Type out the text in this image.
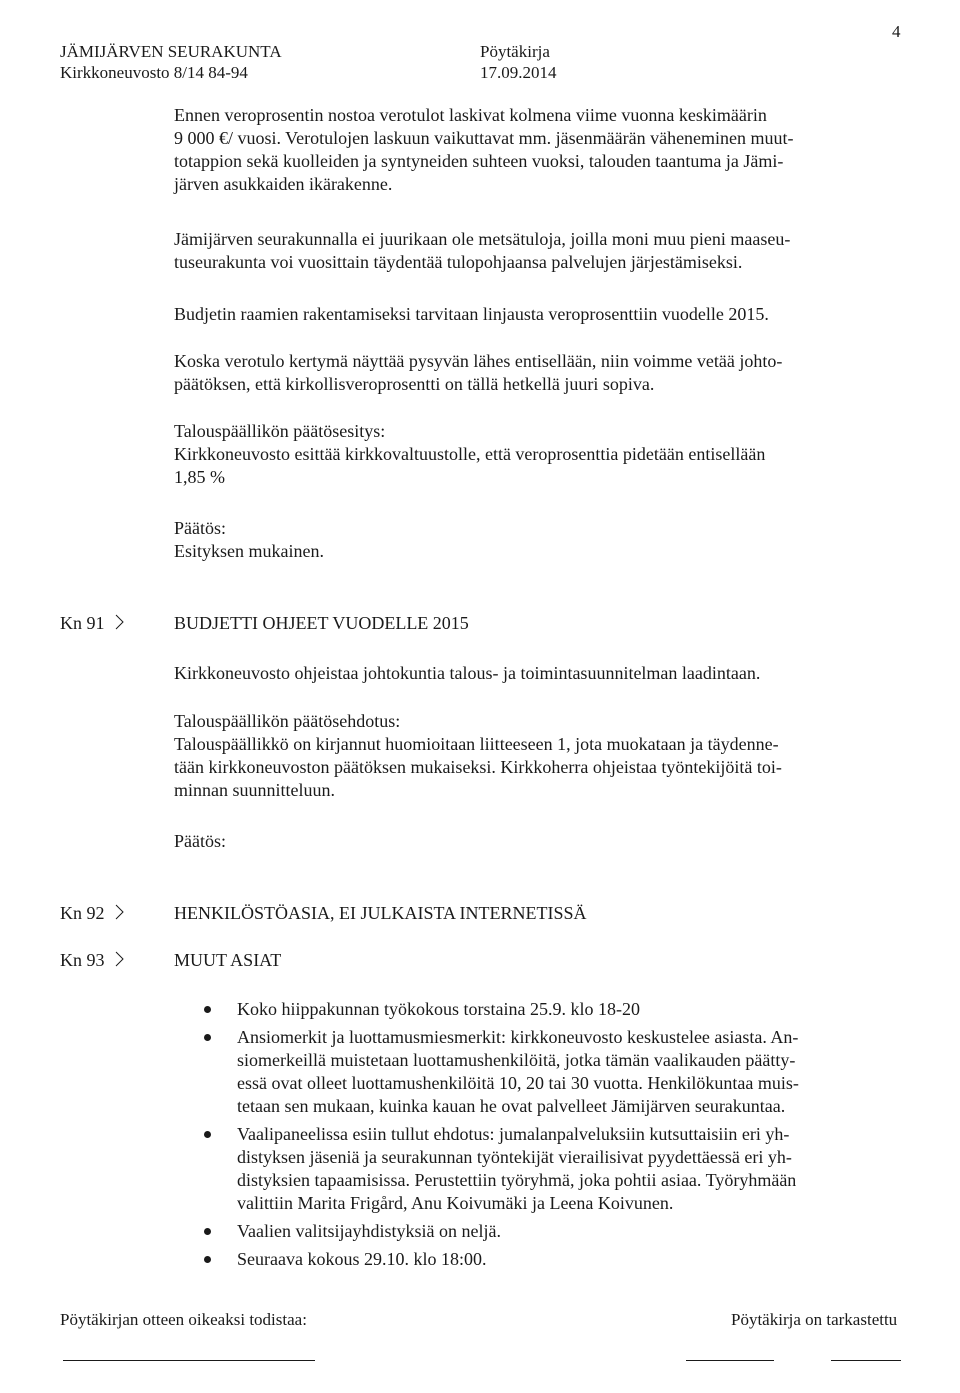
4
JÄMIJÄRVEN SEURAKUNTA	Pöytäkirja
Kirkkoneuvosto 8/14 84-94	17.09.2014
Ennen veroprosentin nostoa verotulot laskivat kolmena viime vuonna keskimäärin
9 000 €/ vuosi. Verotulojen laskuun vaikuttavat mm. jäsenmäärän väheneminen muut-
totappion sekä kuolleiden ja syntyneiden suhteen vuoksi, talouden taantuma ja Jämi-
järven asukkaiden ikärakenne.
Jämijärven seurakunnalla ei juurikaan ole metsätuloja, joilla moni muu pieni maaseu-
tuseurakunta voi vuosittain täydentää tulopohjaansa palvelujen järjestämiseksi.
Budjetin raamien rakentamiseksi tarvitaan linjausta veroprosenttiin vuodelle 2015.
Koska verotulo kertymä näyttää pysyvän lähes entisellään, niin voimme vetää johto-
päätöksen, että kirkollisveroprosentti on tällä hetkellä juuri sopiva.
Talouspäällikön päätösesitys:
Kirkkoneuvosto esittää kirkkovaltuustolle, että veroprosenttia pidetään entisellään
1,85 %
Päätös:
Esityksen mukainen.
Kn 91	BUDJETTI OHJEET VUODELLE 2015
Kirkkoneuvosto ohjeistaa johtokuntia talous- ja toimintasuunnitelman laadintaan.
Talouspäällikön päätösehdotus:
Talouspäällikkö on kirjannut huomioitaan liitteeseen 1, jota muokataan ja täydenne-
tään kirkkoneuvoston päätöksen mukaiseksi. Kirkkoherra ohjeistaa työntekijöitä toi-
minnan suunnitteluun.
Päätös:
Kn 92	HENKILÖSTÖASIA, EI JULKAISTA INTERNETISSÄ
Kn 93	MUUT ASIAT
Koko hiippakunnan työkokous torstaina 25.9. klo 18-20
Ansiomerkit ja luottamusmiesmerkit: kirkkoneuvosto keskustelee asiasta. An-
siomerkeillä muistetaan luottamushenkilöitä, jotka tämän vaalikauden päätty-
essä ovat olleet luottamushenkilöitä 10, 20 tai 30 vuotta. Henkilökuntaa muis-
tetaan sen mukaan, kuinka kauan he ovat palvelleet Jämijärven seurakuntaa.
Vaalipaneelissa esiin tullut ehdotus: jumalanpalveluksiin kutsuttaisiin eri yh-
distyksen jäseniä ja seurakunnan työntekijät vierailisivat pyydettäessä eri yh-
distyksien tapaamisissa. Perustettiin työryhmä, joka pohtii asiaa. Työryhmään
valittiin Marita Frigård, Anu Koivumäki ja Leena Koivunen.
Vaalien valitsijayhdistyksiä on neljä.
Seuraava kokous 29.10. klo 18:00.
Pöytäkirjan otteen oikeaksi todistaa:	Pöytäkirja on tarkastettu
